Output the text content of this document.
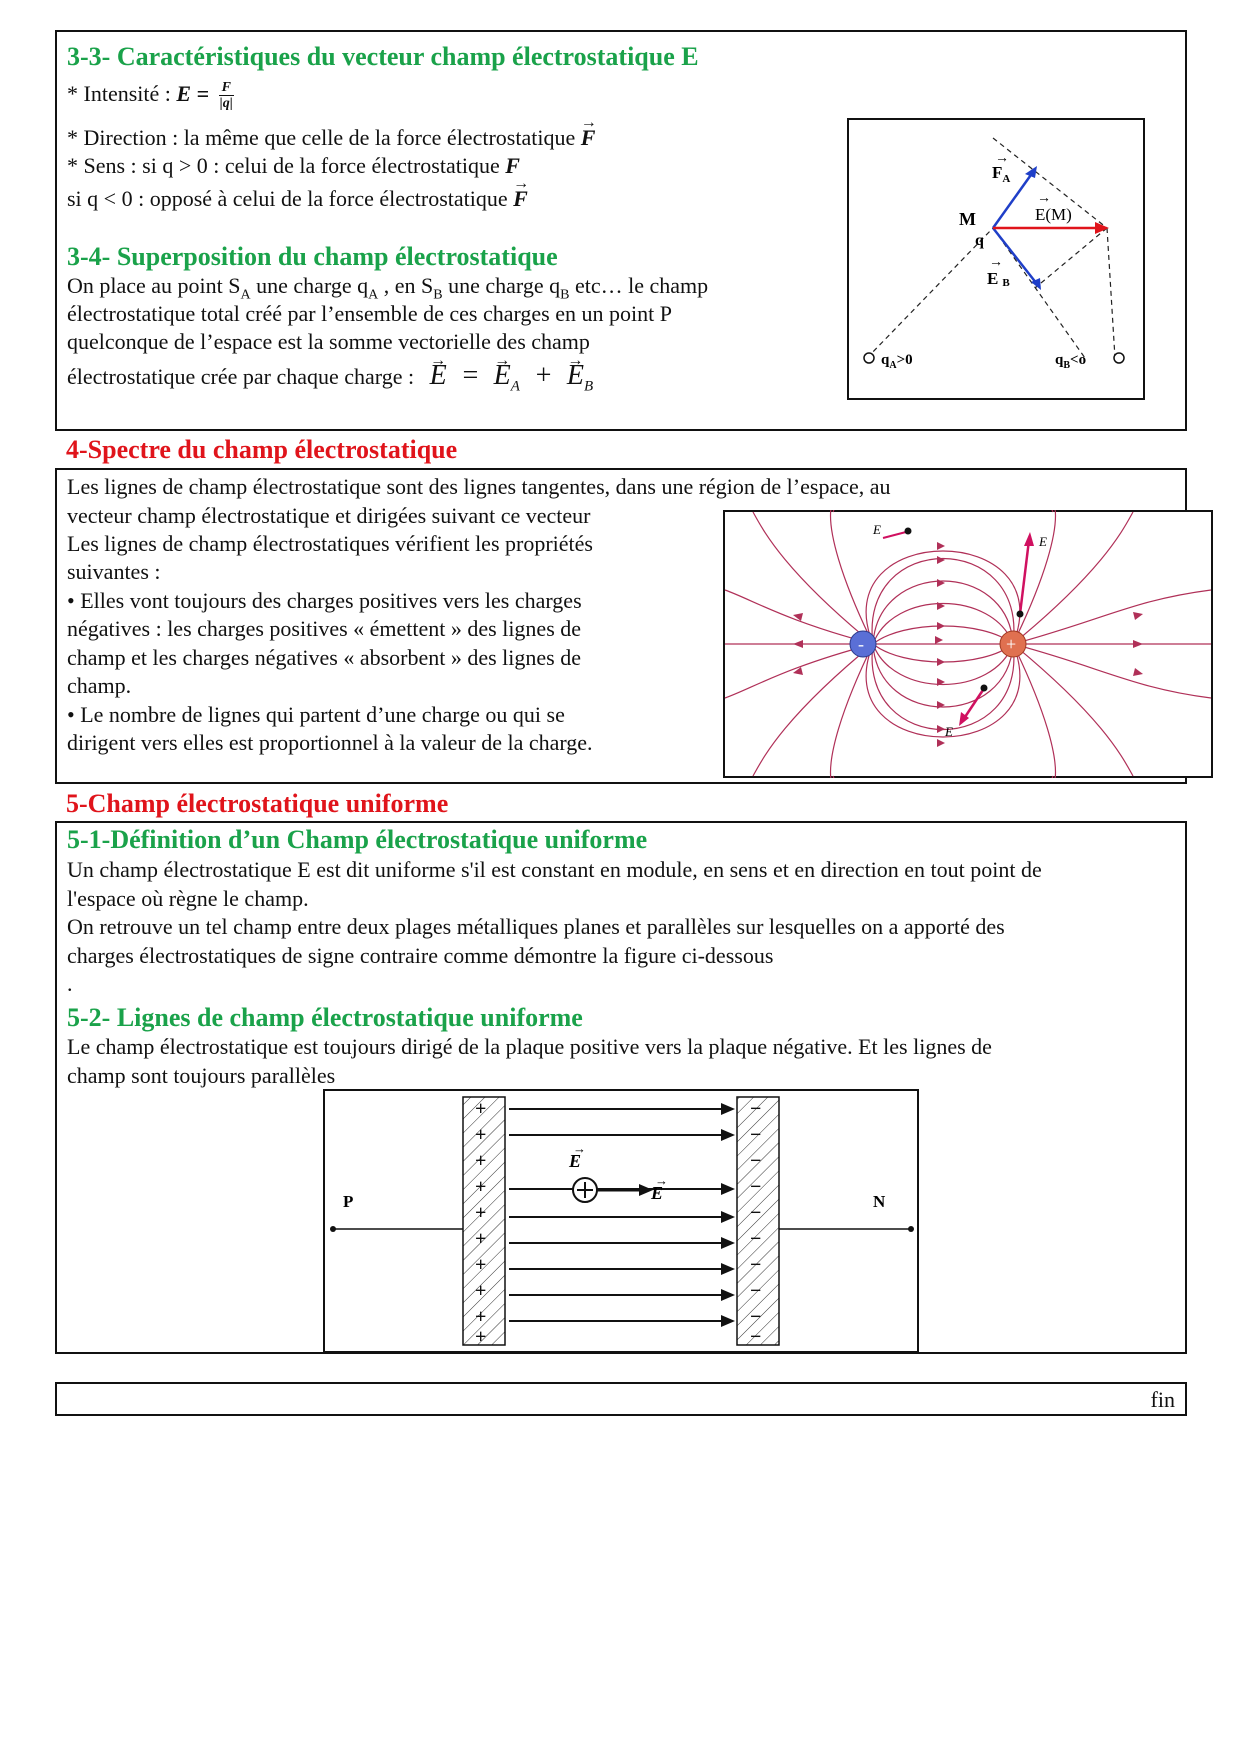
3-3- Caractéristiques du vecteur champ électrostatique E
* Intensité : $E = \frac{F}{|q|}$
* Direction : la même que celle de la force électrostatique F →
* Sens : si q > 0 : celui de la force électrostatique F
si q < 0 : opposé à celui de la force électrostatique F →
3-4- Superposition du champ électrostatique
On place au point $S_A$ une charge $q_A$ , en $S_B$ une charge $q_B$ etc… le champ
électrostatique total créé par l’ensemble de ces charges en un point P
quelconque de l’espace est la somme vectorielle des champ
électrostatique crée par chaque charge : E → = $E \to_A + E \to_B$
$F_A$
→
M
q
E(M)
→
E B
→
$q_A>0$	$q_B<o$
4-Spectre du champ électrostatique
Les lignes de champ électrostatique sont des lignes tangentes, dans une région de l’espace, au
vecteur champ électrostatique et dirigées suivant ce vecteur
Les lignes de champ électrostatiques vérifient les propriétés
suivantes :
• Elles vont toujours des charges positives vers les charges
négatives : les charges positives « émettent » des lignes de
champ et les charges négatives « absorbent » des lignes de
champ.
• Le nombre de lignes qui partent d’une charge ou qui se
dirigent vers elles est proportionnel à la valeur de la charge.
-	+
E
E
E
5-Champ électrostatique uniforme
5-1-Définition d’un Champ électrostatique uniforme
Un champ électrostatique E est dit uniforme s'il est constant en module, en sens et en direction en tout point de
l'espace où règne le champ.
On retrouve un tel champ entre deux plages métalliques planes et parallèles sur lesquelles on a apporté des
charges électrostatiques de signe contraire comme démontre la figure ci-dessous
.
5-2- Lignes de champ électrostatique uniforme
Le champ électrostatique est toujours dirigé de la plaque positive vers la plaque négative. Et les lignes de
champ sont toujours parallèles
P	N
+
+
+
+
+
+
+
+
+
+
−
−
−
−
−
−
−
−
−
−
E
→
E
→
fin
